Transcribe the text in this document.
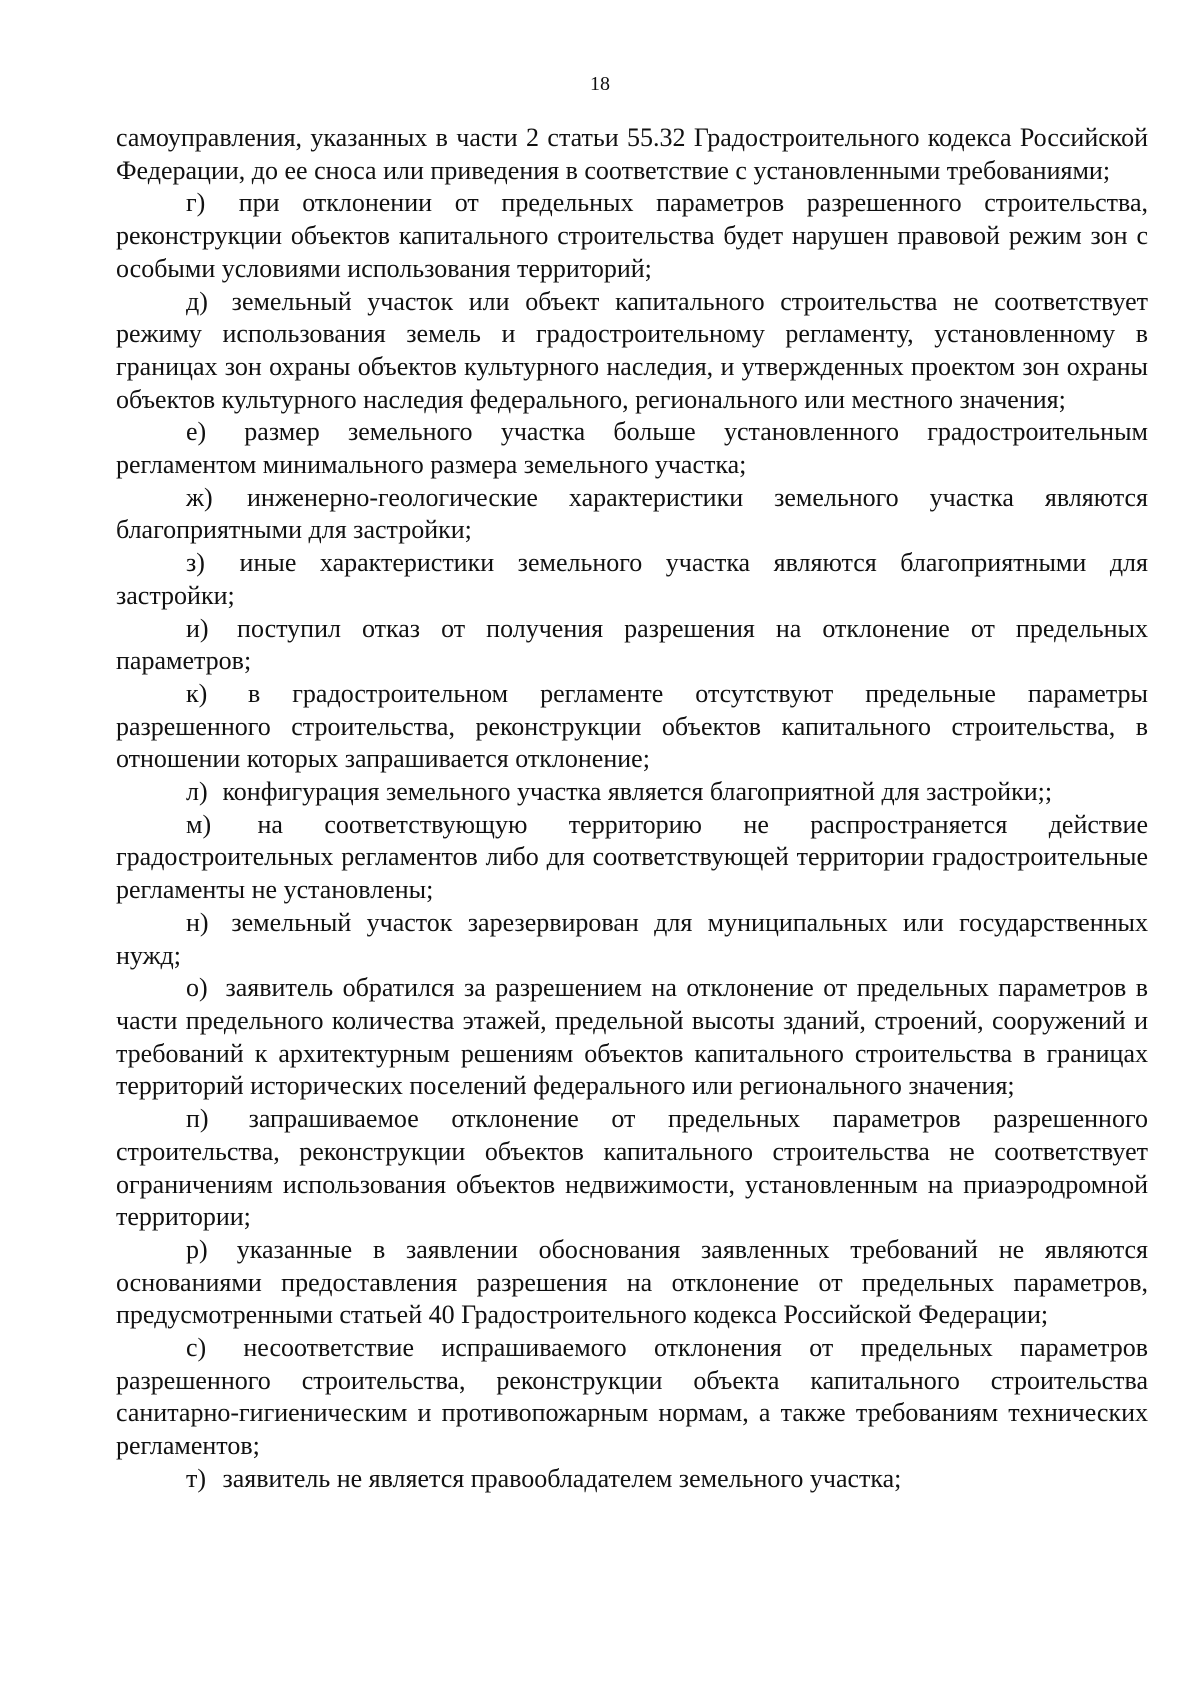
18

самоуправления, указанных в части 2 статьи 55.32 Градостроительного кодекса Российской Федерации, до ее сноса или приведения в соответствие с установленными требованиями;

г) при отклонении от предельных параметров разрешенного строительства, реконструкции объектов капитального строительства будет нарушен правовой режим зон с особыми условиями использования территорий;

д) земельный участок или объект капитального строительства не соответствует режиму использования земель и градостроительному регламенту, установленному в границах зон охраны объектов культурного наследия, и утвержденных проектом зон охраны объектов культурного наследия федерального, регионального или местного значения;

е) размер земельного участка больше установленного градостроительным регламентом минимального размера земельного участка;

ж) инженерно-геологические характеристики земельного участка являются благоприятными для застройки;

з) иные характеристики земельного участка являются благоприятными для застройки;

и) поступил отказ от получения разрешения на отклонение от предельных параметров;

к) в градостроительном регламенте отсутствуют предельные параметры разрешенного строительства, реконструкции объектов капитального строительства, в отношении которых запрашивается отклонение;

л) конфигурация земельного участка является благоприятной для застройки;;

м) на соответствующую территорию не распространяется действие градостроительных регламентов либо для соответствующей территории градостроительные регламенты не установлены;

н) земельный участок зарезервирован для муниципальных или государственных нужд;

о) заявитель обратился за разрешением на отклонение от предельных параметров в части предельного количества этажей, предельной высоты зданий, строений, сооружений и требований к архитектурным решениям объектов капитального строительства в границах территорий исторических поселений федерального или регионального значения;

п) запрашиваемое отклонение от предельных параметров разрешенного строительства, реконструкции объектов капитального строительства не соответствует ограничениям использования объектов недвижимости, установленным на приаэродромной территории;

р) указанные в заявлении обоснования заявленных требований не являются основаниями предоставления разрешения на отклонение от предельных параметров, предусмотренными статьей 40 Градостроительного кодекса Российской Федерации;

с) несоответствие испрашиваемого отклонения от предельных параметров разрешенного строительства, реконструкции объекта капитального строительства санитарно-гигиеническим и противопожарным нормам, а также требованиям технических регламентов;

т) заявитель не является правообладателем земельного участка;
